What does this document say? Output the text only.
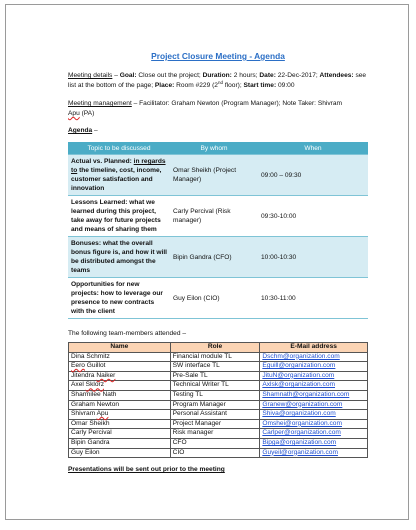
Project Closure Meeting - Agenda

Meeting details – Goal: Close out the project; Duration: 2 hours; Date: 22-Dec-2017; Attendees: see list at the bottom of the page; Place: Room #229 (2nd floor); Start time: 09:00

Meeting management – Facilitator: Graham Newton (Program Manager); Note Taker: Shivram
Apu (PA)

Agenda –
Topic to be discussed	By whom	When
Actual vs. Planned: in regards to the timeline, cost, income, customer satisfaction and innovation	Omar Sheikh (Project Manager)	09:00 – 09:30
Lessons Learned: what we learned during this project, take away for future projects and means of sharing them	Carly Percival (Risk manager)	09:30-10:00
Bonuses: what the overall bonus figure is, and how it will be distributed amongst the teams	Bipin Gandra (CFO)	10:00-10:30
Opportunities for new projects: how to leverage our presence to new contracts with the client	Guy Eilon (CIO)	10:30-11:00
The following team-members attended –
Name	Role	E-Mail address
Dina Schmitz	Financial module TL	Dschm@organization.com
Eero Guillot	SW interface TL	Eguill@organization.com
Jitendra Naiker	Pre-Sale TL	JituN@organization.com
Axel Sklorz	Technical Writer TL	Axlsk@organization.com
Sharmilee Nath	Testing TL	Shamnath@organization.com
Graham Newton	Program Manager	Granew@organization.com
Shivram Apu	Personal Assistant	Shiva@organization.com
Omar Sheikh	Project Manager	Omshei@organization.com
Carly Percival	Risk manager	Carlper@organization.com
Bipin Gandra	CFO	Bipga@organization.com
Guy Eilon	CIO	Guyeil@organization.com
Presentations will be sent out prior to the meeting
